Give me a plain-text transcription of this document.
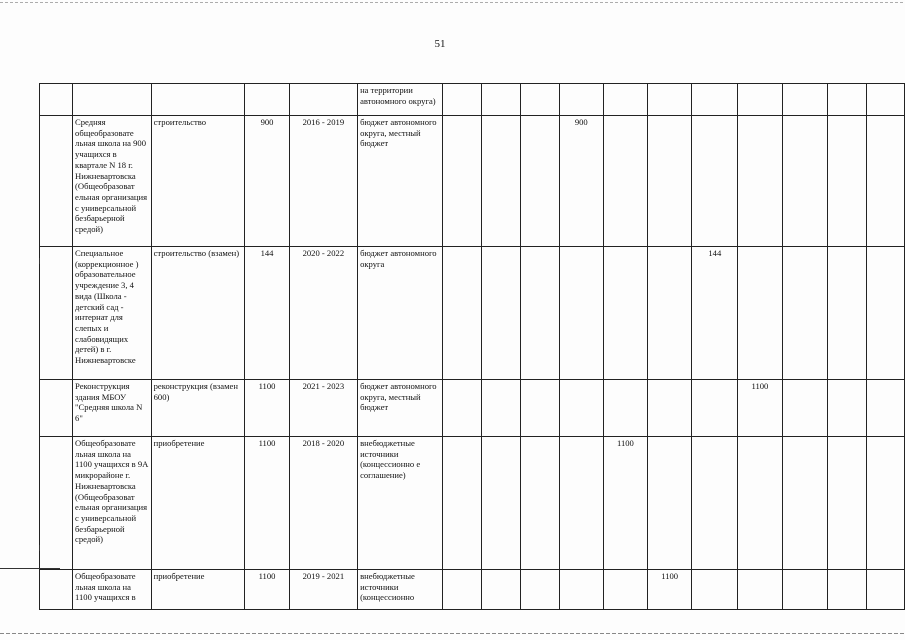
51
					на территории автономного округа)											
	Средняя общеобразовате льная школа на 900 учащихся в квартале N 18 г. Нижневартовска (Общеобразоват ельная организация с универсальной безбарьерной средой)	строительство	900	2016 - 2019	бюджет автономного округа, местный бюджет				900							
	Специальное (коррекционное ) образовательное учреждение 3, 4 вида (Школа - детский сад - интернат для слепых и слабовидящих детей) в г. Нижневартовске	строительство (взамен)	144	2020 - 2022	бюджет автономного округа							144				
	Реконструкция здания МБОУ "Средняя школа N 6"	реконструкция (взамен 600)	1100	2021 - 2023	бюджет автономного округа, местный бюджет								1100			
	Общеобразовате льная школа на 1100 учащихся в 9А микрорайоне г. Нижневартовска (Общеобразоват ельная организация с универсальной безбарьерной средой)	приобретение	1100	2018 - 2020	внебюджетные источники (концессионно е соглашение)					1100						
	Общеобразовате льная школа на 1100 учащихся в	приобретение	1100	2019 - 2021	внебюджетные источники (концессионно						1100					
